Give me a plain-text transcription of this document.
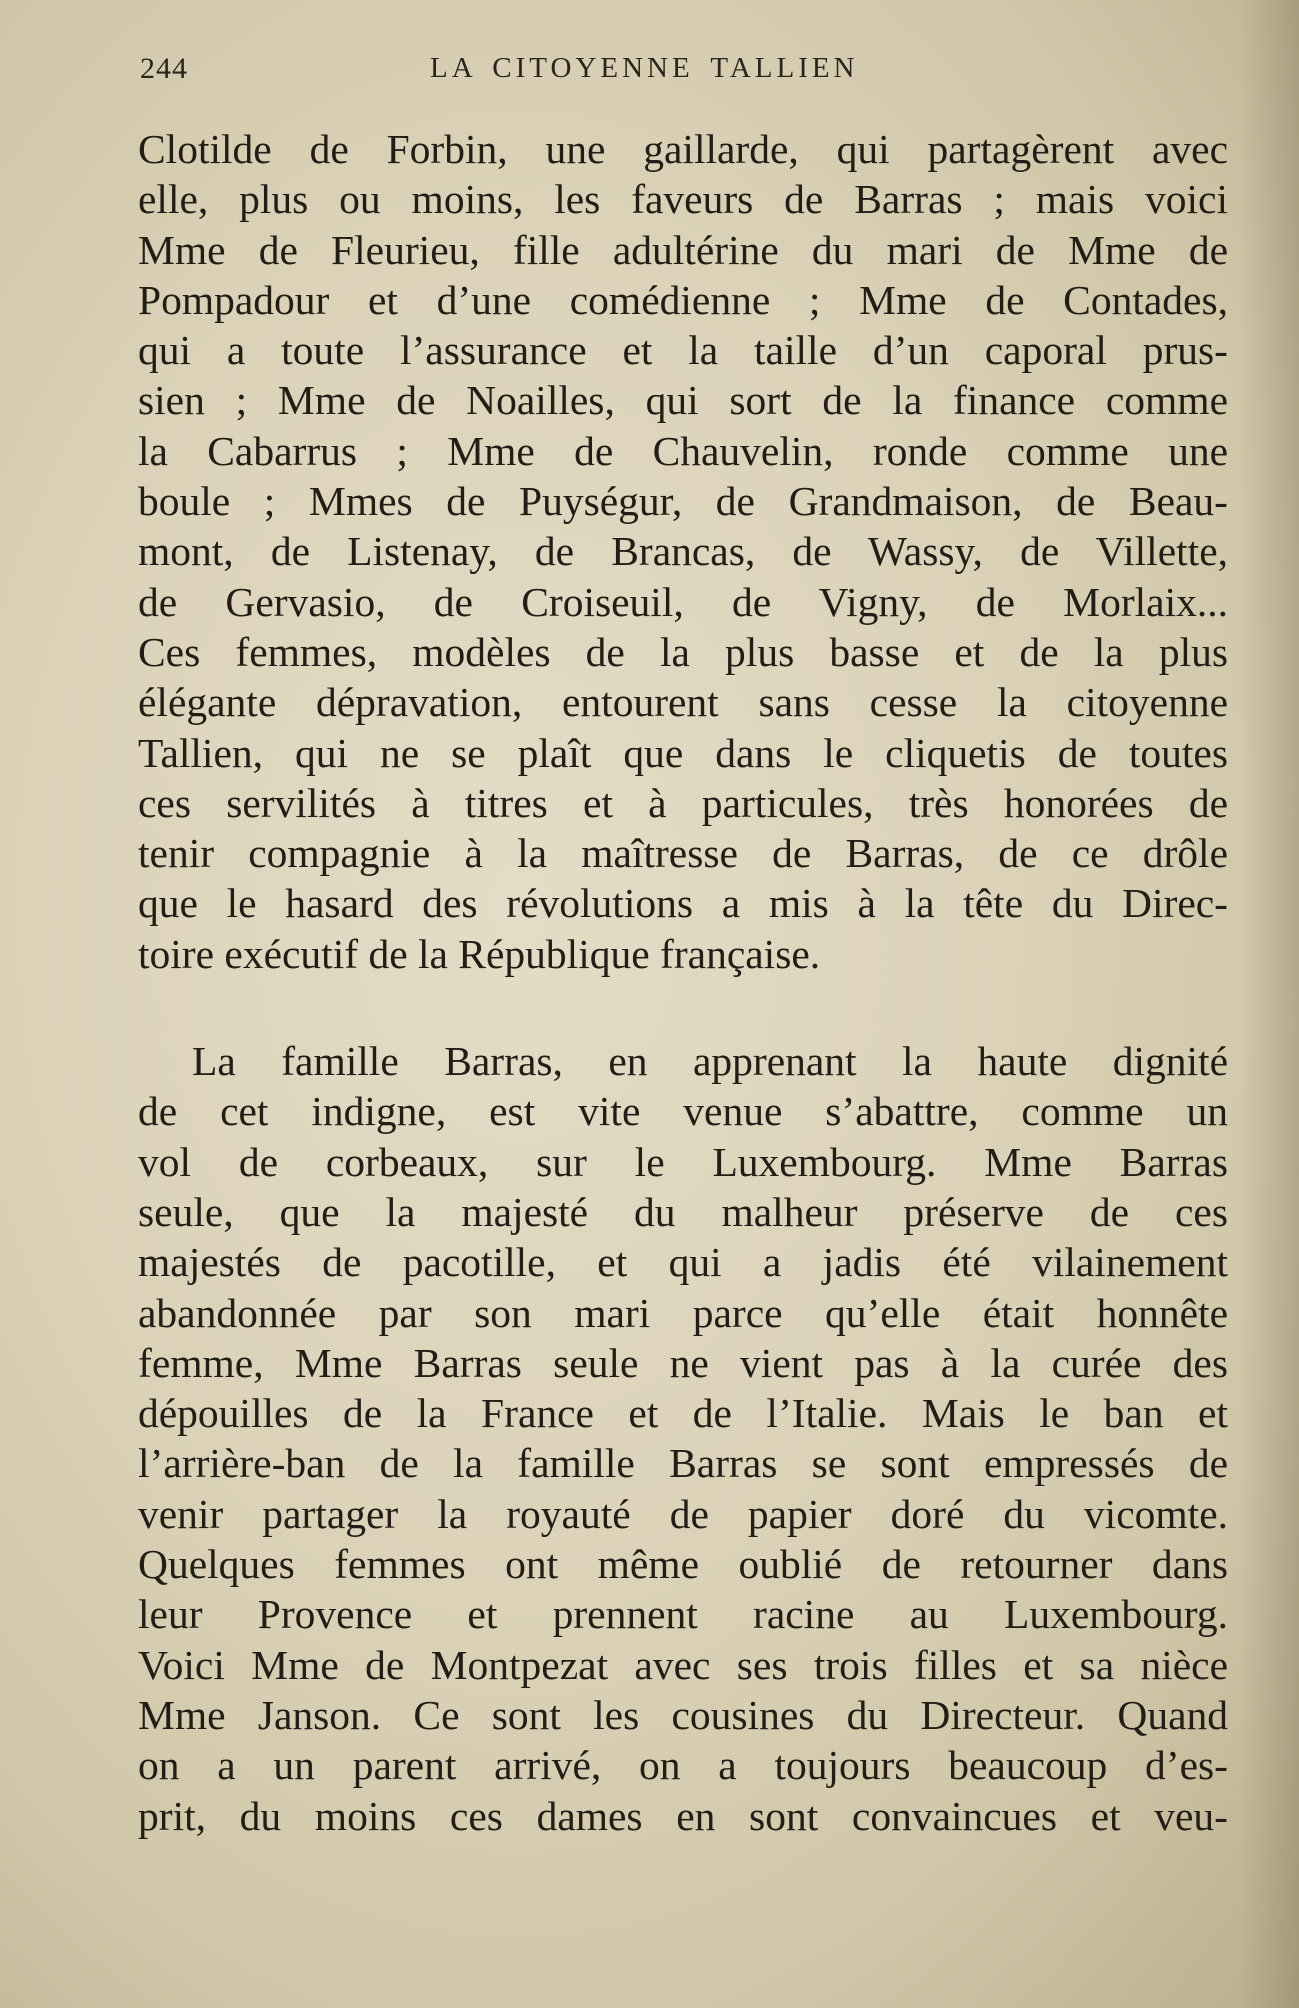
244	LA CITOYENNE TALLIEN
Clotilde de Forbin, une gaillarde, qui partagèrent avec
elle, plus ou moins, les faveurs de Barras ; mais voici
Mme de Fleurieu, fille adultérine du mari de Mme de
Pompadour et d’une comédienne ; Mme de Contades,
qui a toute l’assurance et la taille d’un caporal prus-
sien ; Mme de Noailles, qui sort de la finance comme
la Cabarrus ; Mme de Chauvelin, ronde comme une
boule ; Mmes de Puységur, de Grandmaison, de Beau-
mont, de Listenay, de Brancas, de Wassy, de Villette,
de Gervasio, de Croiseuil, de Vigny, de Morlaix...
Ces femmes, modèles de la plus basse et de la plus
élégante dépravation, entourent sans cesse la citoyenne
Tallien, qui ne se plaît que dans le cliquetis de toutes
ces servilités à titres et à particules, très honorées de
tenir compagnie à la maîtresse de Barras, de ce drôle
que le hasard des révolutions a mis à la tête du Direc-
toire exécutif de la République française.
La famille Barras, en apprenant la haute dignité
de cet indigne, est vite venue s’abattre, comme un
vol de corbeaux, sur le Luxembourg. Mme Barras
seule, que la majesté du malheur préserve de ces
majestés de pacotille, et qui a jadis été vilainement
abandonnée par son mari parce qu’elle était honnête
femme, Mme Barras seule ne vient pas à la curée des
dépouilles de la France et de l’Italie. Mais le ban et
l’arrière-ban de la famille Barras se sont empressés de
venir partager la royauté de papier doré du vicomte.
Quelques femmes ont même oublié de retourner dans
leur Provence et prennent racine au Luxembourg.
Voici Mme de Montpezat avec ses trois filles et sa nièce
Mme Janson. Ce sont les cousines du Directeur. Quand
on a un parent arrivé, on a toujours beaucoup d’es-
prit, du moins ces dames en sont convaincues et veu-
